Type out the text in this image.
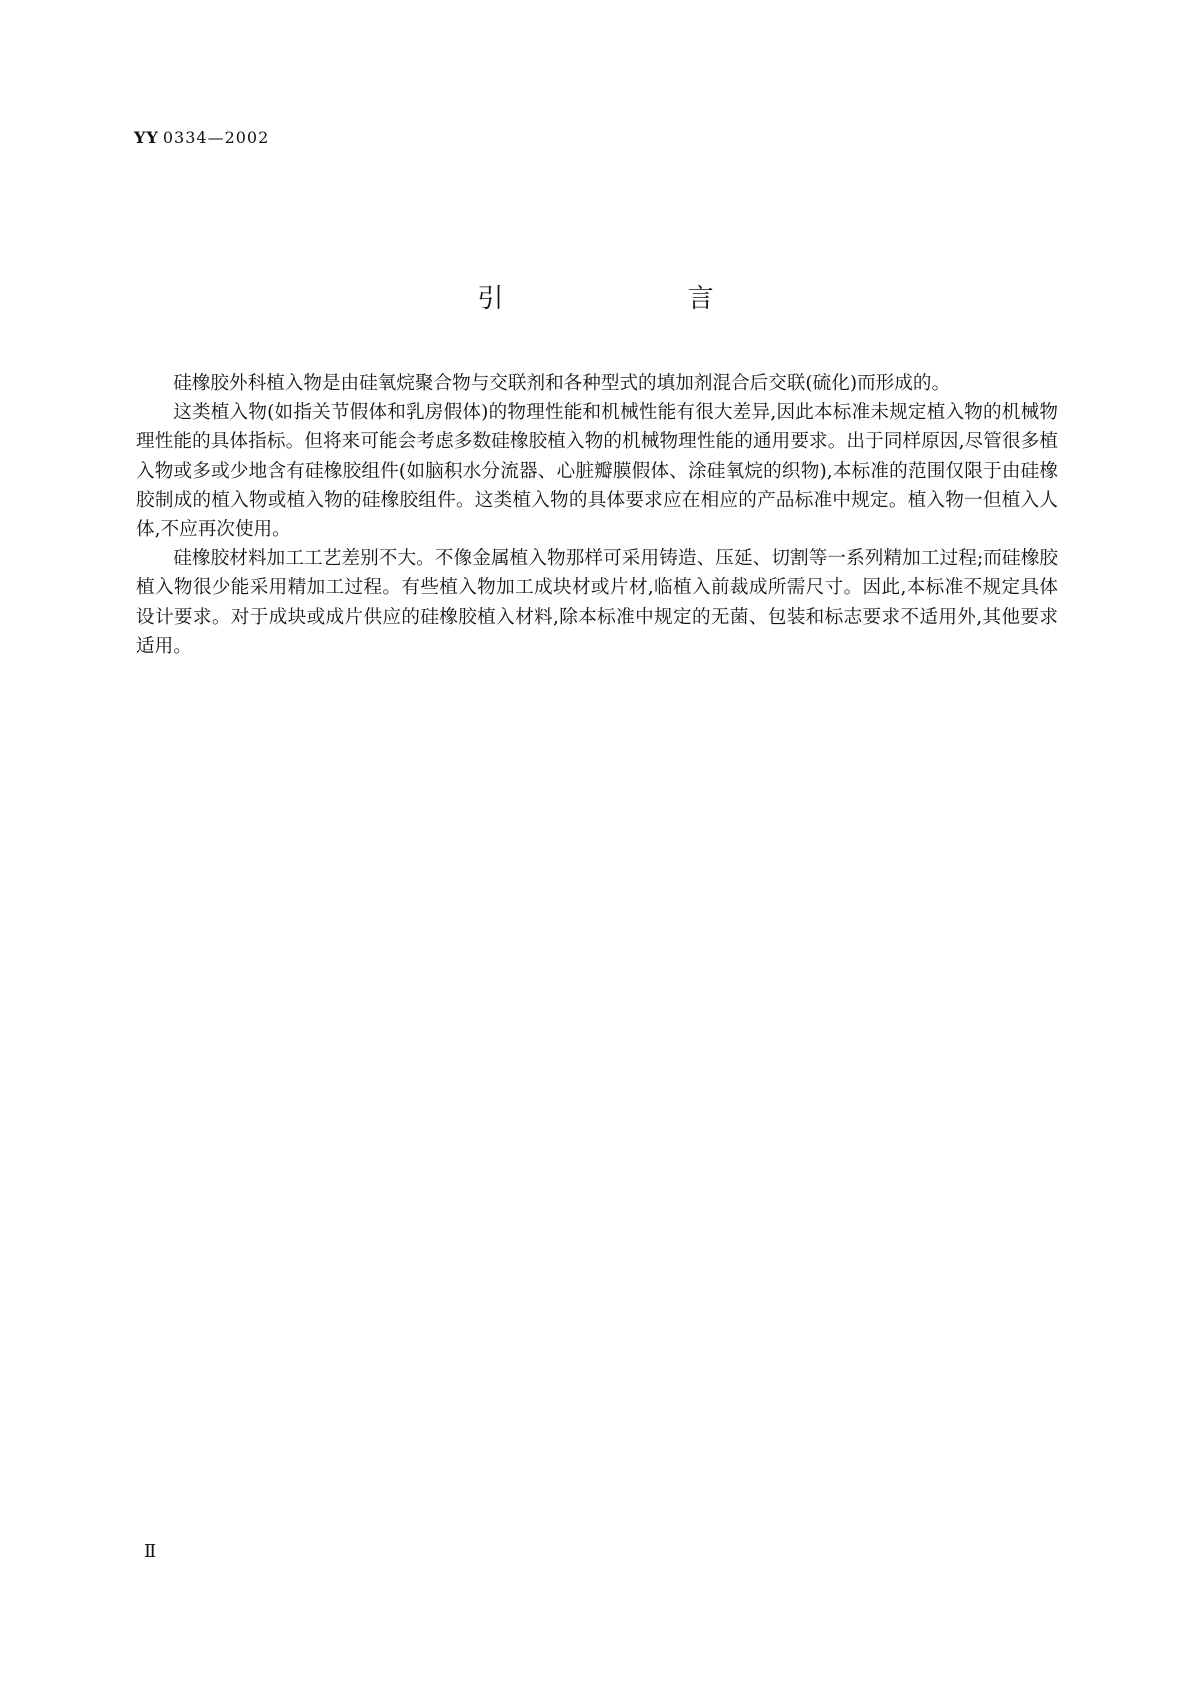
YY 0334—2002
引 言

硅橡胶外科植入物是由硅氧烷聚合物与交联剂和各种型式的填加剂混合后交联(硫化)而形成的。

这类植入物(如指关节假体和乳房假体)的物理性能和机械性能有很大差异,因此本标准未规定植入物的机械物理性能的具体指标。但将来可能会考虑多数硅橡胶植入物的机械物理性能的通用要求。出于同样原因,尽管很多植入物或多或少地含有硅橡胶组件(如脑积水分流器、心脏瓣膜假体、涂硅氧烷的织物),本标准的范围仅限于由硅橡胶制成的植入物或植入物的硅橡胶组件。这类植入物的具体要求应在相应的产品标准中规定。植入物一但植入人体,不应再次使用。

硅橡胶材料加工工艺差别不大。不像金属植入物那样可采用铸造、压延、切割等一系列精加工过程;而硅橡胶植入物很少能采用精加工过程。有些植入物加工成块材或片材,临植入前裁成所需尺寸。因此,本标准不规定具体设计要求。对于成块或成片供应的硅橡胶植入材料,除本标准中规定的无菌、包装和标志要求不适用外,其他要求适用。

Ⅱ
